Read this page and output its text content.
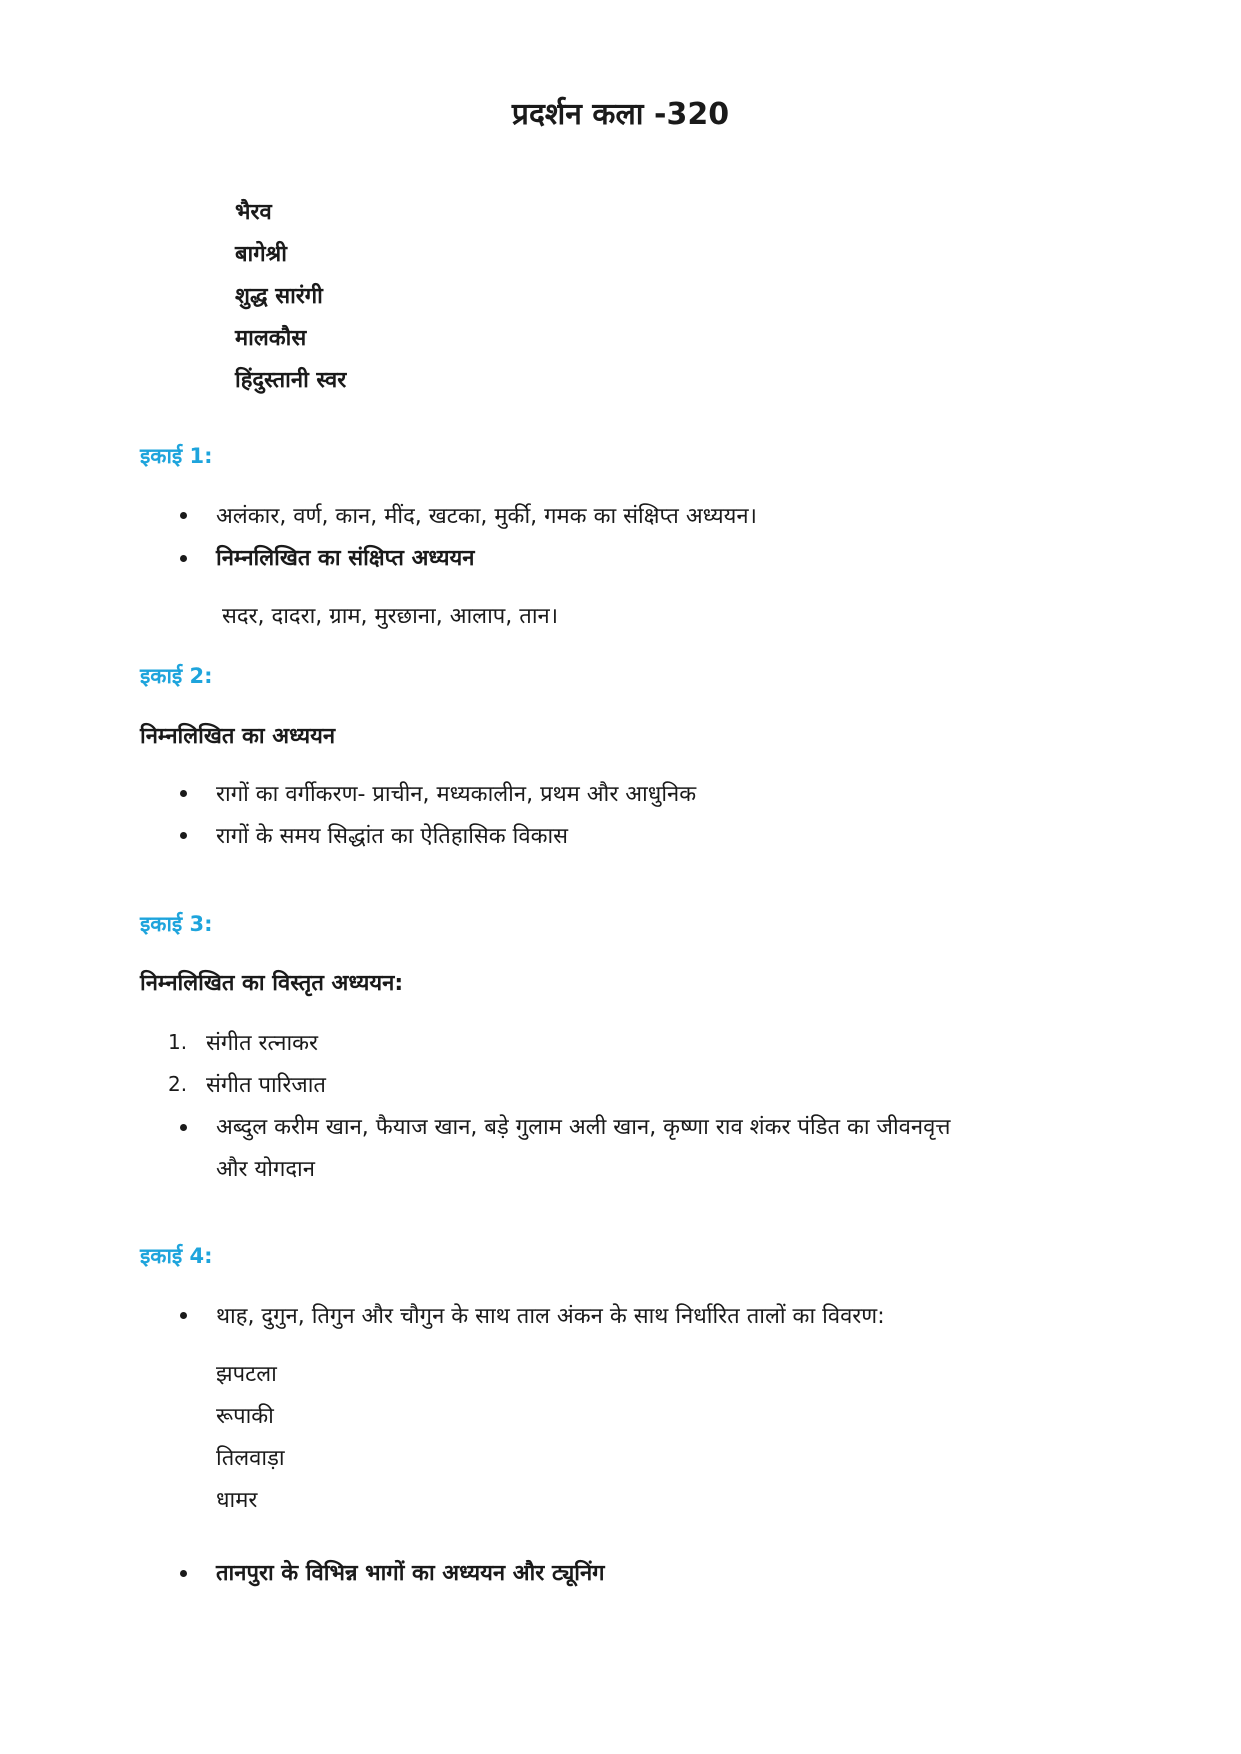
प्रदर्शन कला -320
भैरव
बागेश्री
शुद्ध सारंगी
मालकौस
हिंदुस्तानी स्वर
इकाई 1:
अलंकार, वर्ण, कान, मींद, खटका, मुर्की, गमक का संक्षिप्त अध्ययन।
निम्नलिखित का संक्षिप्त अध्ययन
सदर, दादरा, ग्राम, मुरछाना, आलाप, तान।
इकाई 2:
निम्नलिखित का अध्ययन
रागों का वर्गीकरण- प्राचीन, मध्यकालीन, प्रथम और आधुनिक
रागों के समय सिद्धांत का ऐतिहासिक विकास
इकाई 3:
निम्नलिखित का विस्तृत अध्ययन:
1. संगीत रत्नाकर
2. संगीत पारिजात
अब्दुल करीम खान, फैयाज खान, बड़े गुलाम अली खान, कृष्णा राव शंकर पंडित का जीवनवृत्त
और योगदान
इकाई 4:
थाह, दुगुन, तिगुन और चौगुन के साथ ताल अंकन के साथ निर्धारित तालों का विवरण:
झपटला
रूपाकी
तिलवाड़ा
धामर
तानपुरा के विभिन्न भागों का अध्ययन और ट्यूनिंग
